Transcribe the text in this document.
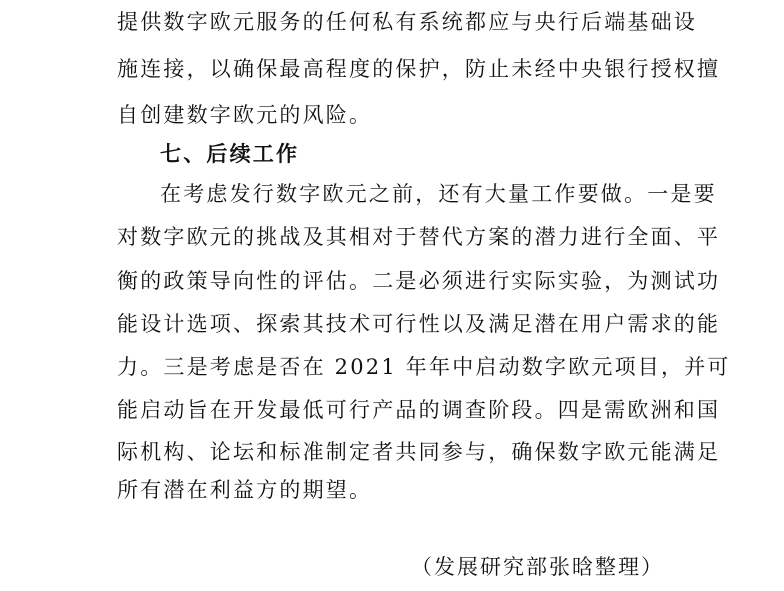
提供数字欧元服务的任何私有系统都应与央行后端基础设
施连接，以确保最高程度的保护，防止未经中央银行授权擅
自创建数字欧元的风险。
七、后续工作
在考虑发行数字欧元之前，还有大量工作要做。一是要
对数字欧元的挑战及其相对于替代方案的潜力进行全面、平
衡的政策导向性的评估。二是必须进行实际实验，为测试功
能设计选项、探索其技术可行性以及满足潜在用户需求的能
力。三是考虑是否在 2021 年年中启动数字欧元项目，并可
能启动旨在开发最低可行产品的调查阶段。四是需欧洲和国
际机构、论坛和标准制定者共同参与，确保数字欧元能满足
所有潜在利益方的期望。
（发展研究部张晗整理）
